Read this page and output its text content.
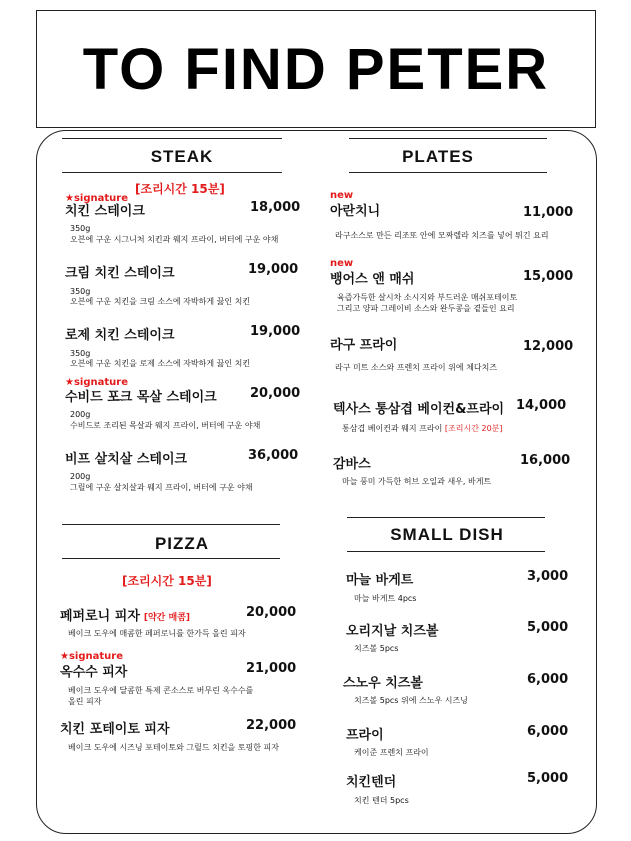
TO FIND PETER
STEAK
[조리시간 15분]
★signature
치킨 스테이크	18,000
350g
오븐에 구운 시그니처 치킨과 웨지 프라이, 버터에 구운 야채
크림 치킨 스테이크	19,000
350g
오븐에 구운 치킨을 크림 소스에 자박하게 끓인 치킨
로제 치킨 스테이크	19,000
350g
오븐에 구운 치킨을 로제 소스에 자박하게 끓인 치킨
★signature
수비드 포크 목살 스테이크	20,000
200g
수비드로 조리된 목살과 웨지 프라이, 버터에 구운 야채
비프 살치살 스테이크	36,000
200g
그릴에 구운 살치살과 웨지 프라이, 버터에 구운 야채
PIZZA
[조리시간 15분]
페퍼로니 피자 [약간 매콤]	20,000
베이크 도우에 매콤한 페퍼로니를 한가득 올린 피자
★signature
옥수수 피자	21,000
베이크 도우에 달콤한 특제 콘소스로 버무린 옥수수를
올린 피자
치킨 포테이토 피자	22,000
베이크 도우에 시즈닝 포테이토와 그릴드 치킨을 토핑한 피자
PLATES
new
아란치니	11,000
라구소스로 만든 리조또 안에 모짜렐라 치즈를 넣어 튀긴 요리
new
뱅어스 앤 매쉬	15,000
육즙가득한 살시차 소시지와 부드러운 매쉬포테이토
그리고 양파 그레이비 소스와 완두콩을 곁들인 요리
라구 프라이	12,000
라구 미트 소스와 프렌치 프라이 위에 체다치즈
텍사스 통삼겹 베이컨&프라이 14,000
통삼겹 베이컨과 웨지 프라이 [조리시간 20분]
감바스	16,000
마늘 풍미 가득한 허브 오일과 새우, 바게트
SMALL DISH
마늘 바게트	3,000
마늘 바게트 4pcs
오리지날 치즈볼	5,000
치즈볼 5pcs
스노우 치즈볼	6,000
치즈볼 5pcs 위에 스노우 시즈닝
프라이	6,000
케이준 프렌치 프라이
치킨텐더	5,000
치킨 텐더 5pcs
